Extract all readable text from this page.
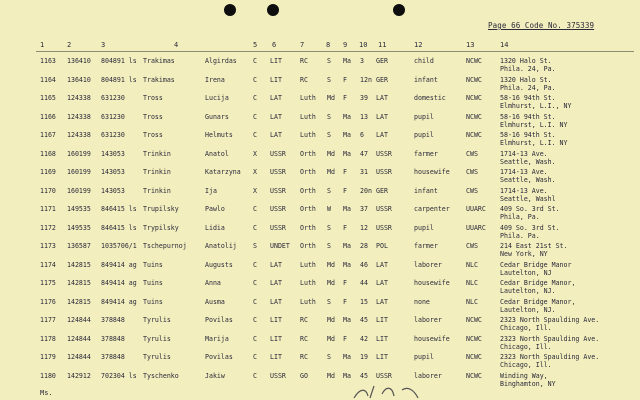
Page 66 Code No. 375339
1	2	3	4	5 6	7	8 9 10 11	12	13	14
1163 136410 804891 ls Trakimas	Algirdas C LIT	RC	S Ma 3 GER	child	NCWC	1320 Halo St.
Phila. 24, Pa.
1164 136410 804891 ls Trakimas	Irena	C LIT	RC	S F 12n GER	infant	NCWC	1320 Halo St.
Phila. 24, Pa.
1165 124338 631230	Tross	Lucija	C LAT	Luth Md F 39 LAT	domestic	NCWC	58-16 94th St.
Elmhurst, L.I., NY
1166 124338 631230	Tross	Gunars	C LAT	Luth S Ma 13 LAT	pupil	NCWC	58-16 94th St.
Elmhurst, L.I. NY
1167 124338 631230	Tross	Helmuts	C LAT	Luth S Ma 6 LAT	pupil	NCWC	58-16 94th St.
Elmhurst, L.I. NY
1168 160199 143053	Trinkin	Anatol	X USSR Orth Md Ma 47 USSR	farmer	CWS	1714-13 Ave.
Seattle, Wash.
1169 160199 143053	Trinkin	Katarzyna X USSR Orth Md F 31 USSR	housewife CWS	1714-13 Ave.
Seattle, Wash.
1170 160199 143053	Trinkin	Ija	X USSR Orth S F 20n GER	infant	CWS	1714-13 Ave.
Seattle, Washl
1171 149535 846415 ls Trupilsky	Pawlo	C USSR Orth W Ma 37 USSR	carpenter UUARC 409 So. 3rd St.
Phila, Pa.
1172 149535 846415 ls Trypilsky	Lidia	C USSR Orth S F 12 USSR	pupil	UUARC 409 So. 3rd St.
Phila. Pa.
1173 136587 1035706/1 Tschepurnoj	Anatolij S UNDET Orth S Ma 28 POL	farmer	CWS	214 East 21st St.
New York, NY
1174 142815 849414 ag Tuins	Augusts	C LAT	Luth Md Ma 46 LAT	laborer	NLC	Cedar Bridge Manor
Lautelton, NJ
1175 142815 849414 ag Tuins	Anna	C LAT	Luth Md F 44 LAT	housewife NLC	Cedar Bridge Manor,
Lautelton, NJ.
1176 142815 849414 ag Tuins	Ausma	C LAT	Luth S F 15 LAT	none	NLC	Cedar Bridge Manor,
Lautelton, NJ.
1177 124844 378848	Tyrulis	Povilas	C LIT	RC	Md Ma 45 LIT	laborer	NCWC	2323 North Spaulding Ave.
Chicago, Ill.
1178 124844 378848	Tyrulis	Marija	C LIT	RC	Md F 42 LIT	housewife NCWC	2323 North Spaulding Ave.
Chicago, Ill.
1179 124844 378848	Tyrulis	Povilas	C LIT	RC	S Ma 19 LIT	pupil	NCWC	2323 North Spaulding Ave.
Chicago, Ill.
1180 142912 702304 ls Tyschenko	Jakiw	C USSR GO	Md Ma 45 USSR	laborer	NCWC	Winding Way,
Binghamton, NY
Ms.
